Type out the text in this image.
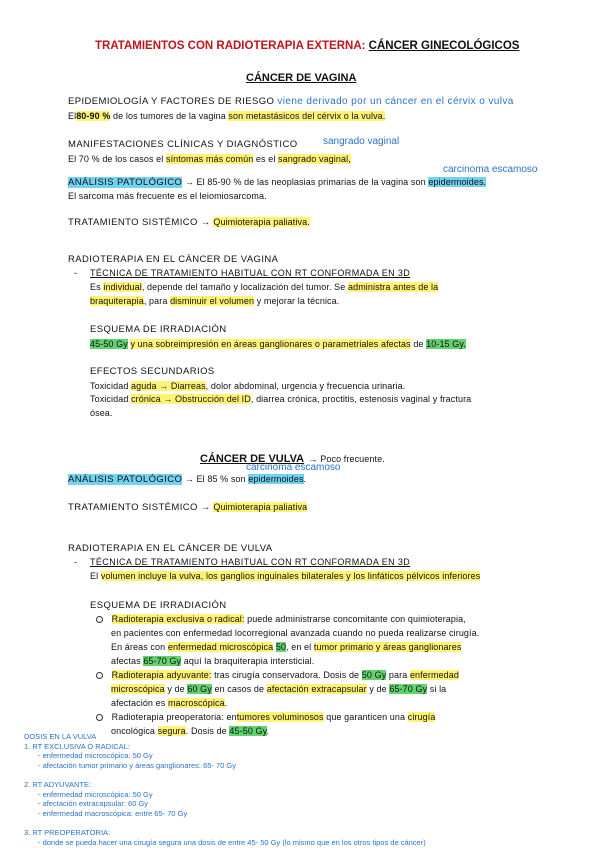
TRATAMIENTOS CON RADIOTERAPIA EXTERNA: CÁNCER GINECOLÓGICOS
CÁNCER DE VAGINA
EPIDEMIOLOGÍA Y FACTORES DE RIESGO viene derivado por un cáncer en el cérvix o vulva
El80-90 % de los tumores de la vagina son metastásicos del cérvix o la vulva.
sangrado vaginal
MANIFESTACIONES CLÍNICAS Y DIAGNÓSTICO
El 70 % de los casos el síntomas más común es el sangrado vaginal,
carcinoma escamoso
ANÁLISIS PATOLÓGICO → El 85-90 % de las neoplasias primarias de la vagina son epidermoides.
El sarcoma más frecuente es el leiomiosarcoma.
TRATAMIENTO SISTÉMICO → Quimioterapia paliativa.
RADIOTERAPIA EN EL CÁNCER DE VAGINA
- TÉCNICA DE TRATAMIENTO HABITUAL CON RT CONFORMADA EN 3D
Es individual, depende del tamaño y localización del tumor. Se administra antes de la
braquiterapia, para disminuir el volumen y mejorar la técnica.
ESQUEMA DE IRRADIACIÓN
45-50 Gy y una sobreimpresión en áreas ganglionares o parametriales afectas de 10-15 Gy.
EFECTOS SECUNDARIOS
Toxicidad aguda → Diarreas, dolor abdominal, urgencia y frecuencia urinaria.
Toxicidad crónica → Obstrucción del ID, diarrea crónica, proctitis, estenosis vaginal y fractura
ósea.
CÁNCER DE VULVA → Poco frecuente.
carcinoma escamoso
ANÁLISIS PATOLÓGICO → El 85 % son epidermoides.
TRATAMIENTO SISTÉMICO → Quimioterapia paliativa
RADIOTERAPIA EN EL CÁNCER DE VULVA
- TÉCNICA DE TRATAMIENTO HABITUAL CON RT CONFORMADA EN 3D
El volumen incluye la vulva, los ganglios inguinales bilaterales y los linfáticos pélvicos inferiores
ESQUEMA DE IRRADIACIÓN
Radioterapia exclusiva o radical: puede administrarse concomitante con quimioterapia,
en pacientes con enfermedad locorregional avanzada cuando no pueda realizarse cirugía.
En áreas con enfermedad microscópica 50, en el tumor primario y áreas ganglionares
afectas 65-70 Gy aquí la braquiterapia intersticial.
Radioterapia adyuvante: tras cirugía conservadora. Dosis de 50 Gy para enfermedad
microscópica y de 60 Gy en casos de afectación extracapsular y de 65-70 Gy si la
afectación es macroscópica.
Radioterapia preoperatoria: entumores voluminosos que garanticen una cirugía
oncológica segura. Dosis de 45-50 Gy.
DOSIS EN LA VULVA
1. RT EXCLUSIVA O RADICAL:
- enfermedad microscópica: 50 Gy
- afectación tumor primario y áreas ganglionares: 65- 70 Gy
2. RT ADYUVANTE:
- enfermedad microscópica: 50 Gy
- afectación extracapsular: 60 Gy
- enfermedad macroscópica: entre 65- 70 Gy
3. RT PREOPERATORIA:
- donde se pueda hacer una cirugía segura una dosis de entre 45- 50 Gy (lo mismo que en los otros tipos de cáncer)
